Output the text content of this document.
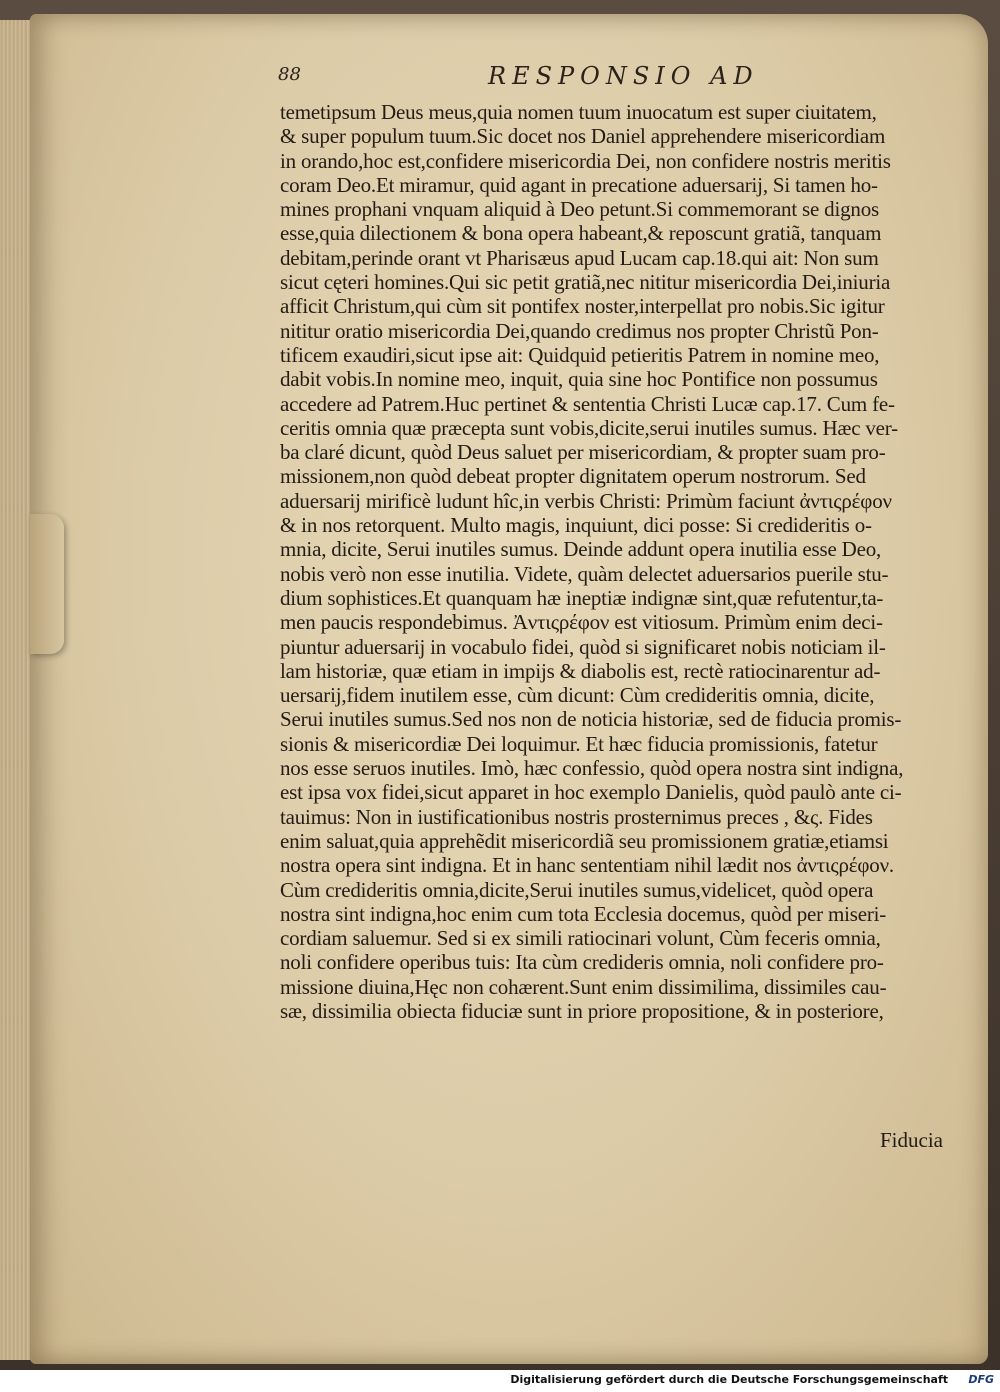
88	RESPONSIO AD
temetipsum Deus meus,quia nomen tuum inuocatum est super ciuitatem,
& super populum tuum.Sic docet nos Daniel apprehendere misericordiam
in orando,hoc est,confidere misericordia Dei, non confidere nostris meritis
coram Deo.Et miramur, quid agant in precatione aduersarij, Si tamen ho-
mines prophani vnquam aliquid à Deo petunt.Si commemorant se dignos
esse,quia dilectionem & bona opera habeant,& reposcunt gratiã, tanquam
debitam,perinde orant vt Pharisæus apud Lucam cap.18.qui ait: Non sum
sicut cęteri homines.Qui sic petit gratiã,nec nititur misericordia Dei,iniuria
afficit Christum,qui cùm sit pontifex noster,interpellat pro nobis.Sic igitur
nititur oratio misericordia Dei,quando credimus nos propter Christũ Pon-
tificem exaudiri,sicut ipse ait: Quidquid petieritis Patrem in nomine meo,
dabit vobis.In nomine meo, inquit, quia sine hoc Pontifice non possumus
accedere ad Patrem.Huc pertinet & sententia Christi Lucæ cap.17. Cum fe-
ceritis omnia quæ præcepta sunt vobis,dicite,serui inutiles sumus. Hæc ver-
ba claré dicunt, quòd Deus saluet per misericordiam, & propter suam pro-
missionem,non quòd debeat propter dignitatem operum nostrorum. Sed
aduersarij mirificè ludunt hîc,in verbis Christi: Primùm faciunt ἀντιςρέφον
& in nos retorquent. Multo magis, inquiunt, dici posse: Si credideritis o-
mnia, dicite, Serui inutiles sumus. Deinde addunt opera inutilia esse Deo,
nobis verò non esse inutilia. Videte, quàm delectet aduersarios puerile stu-
dium sophistices.Et quanquam hæ ineptiæ indignæ sint,quæ refutentur,ta-
men paucis respondebimus. Ἀντιςρέφον est vitiosum. Primùm enim deci-
piuntur aduersarij in vocabulo fidei, quòd si significaret nobis noticiam il-
lam historiæ, quæ etiam in impijs & diabolis est, rectè ratiocinarentur ad-
uersarij,fidem inutilem esse, cùm dicunt: Cùm credideritis omnia, dicite,
Serui inutiles sumus.Sed nos non de noticia historiæ, sed de fiducia promis-
sionis & misericordiæ Dei loquimur. Et hæc fiducia promissionis, fatetur
nos esse seruos inutiles. Imò, hæc confessio, quòd opera nostra sint indigna,
est ipsa vox fidei,sicut apparet in hoc exemplo Danielis, quòd paulò ante ci-
tauimus: Non in iustificationibus nostris prosternimus preces , &ς. Fides
enim saluat,quia apprehẽdit misericordiã seu promissionem gratiæ,etiamsi
nostra opera sint indigna. Et in hanc sententiam nihil lædit nos ἀντιςρέφον.
Cùm credideritis omnia,dicite,Serui inutiles sumus,videlicet, quòd opera
nostra sint indigna,hoc enim cum tota Ecclesia docemus, quòd per miseri-
cordiam saluemur. Sed si ex simili ratiocinari volunt, Cùm feceris omnia,
noli confidere operibus tuis: Ita cùm credideris omnia, noli confidere pro-
missione diuina,Hęc non cohærent.Sunt enim dissimilima, dissimiles cau-
sæ, dissimilia obiecta fiduciæ sunt in priore propositione, & in posteriore,
Fiducia
Digitalisierung gefördert durch die Deutsche Forschungsgemeinschaft DFG
